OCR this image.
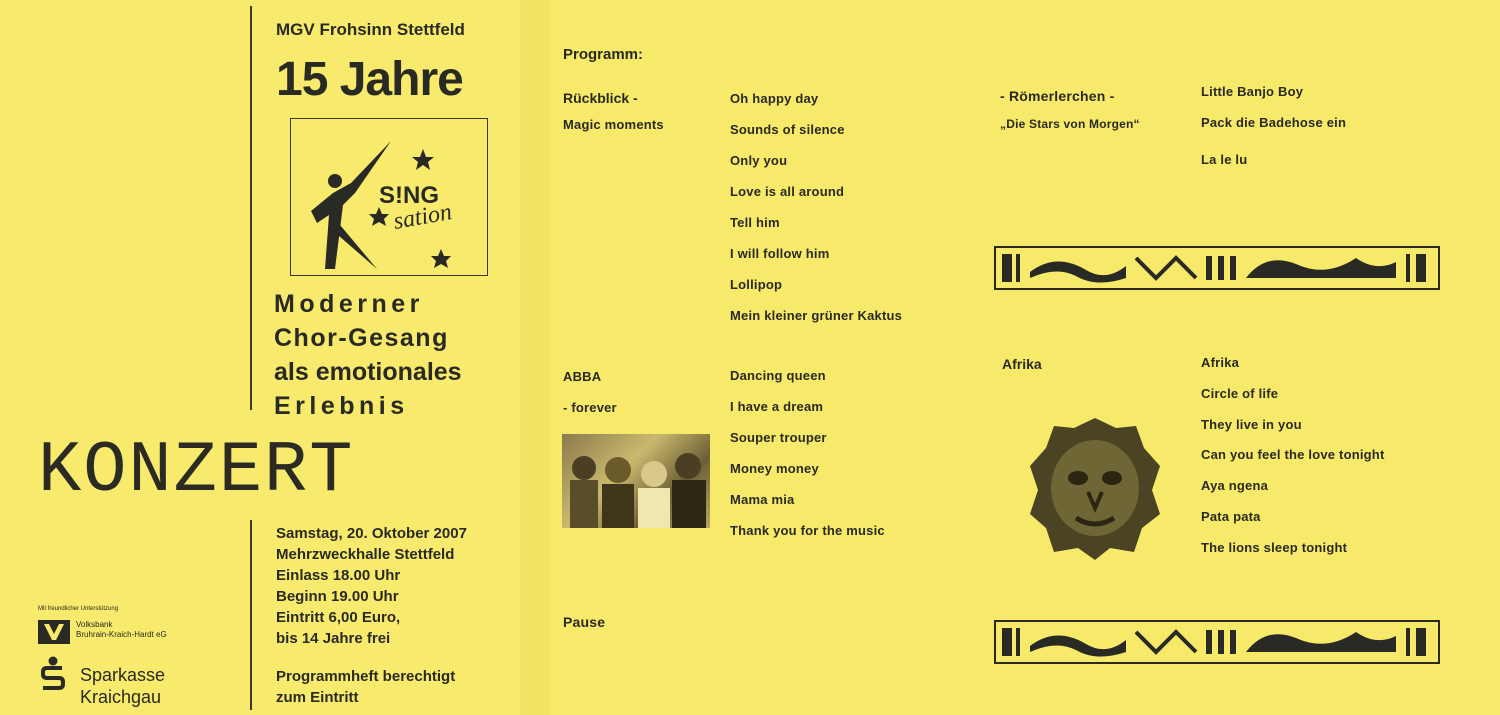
MGV Frohsinn Stettfeld
15 Jahre
S!NG
sation
Moderner
Chor-Gesang
als emotionales
Erlebnis
KONZERT
Samstag, 20. Oktober 2007
Mehrzweckhalle Stettfeld
Einlass 18.00 Uhr
Beginn 19.00 Uhr
Eintritt 6,00 Euro,
bis 14 Jahre frei
Programmheft berechtigt
zum Eintritt
Mit freundlicher Unterstützung
Volksbank
Bruhrain-Kraich-Hardt eG
Sparkasse
Kraichgau
Programm:
Rückblick -
Magic moments
Oh happy day
Sounds of silence
Only you
Love is all around
Tell him
I will follow him
Lollipop
Mein kleiner grüner Kaktus
ABBA
- forever
Dancing queen
I have a dream
Souper trouper
Money money
Mama mia
Thank you for the music
Pause
- Römerlerchen -
„Die Stars von Morgen“
Little Banjo Boy
Pack die Badehose ein
La le lu
Afrika	Afrika
Circle of life
They live in you
Can you feel the love tonight
Aya ngena
Pata pata
The lions sleep tonight
